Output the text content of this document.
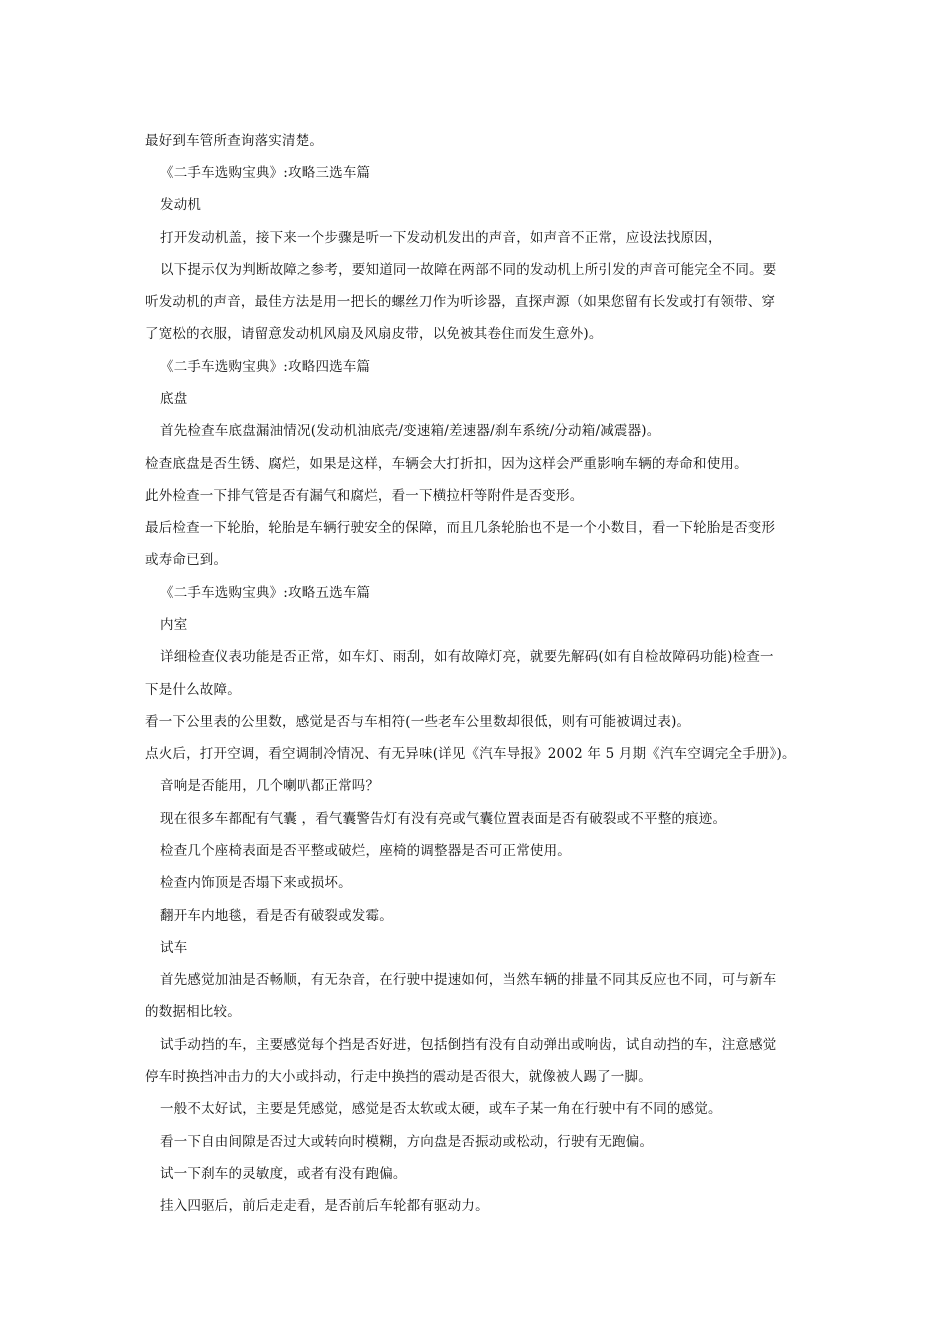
最好到车管所查询落实清楚。
《二手车选购宝典》:攻略三选车篇
发动机
打开发动机盖，接下来一个步骤是听一下发动机发出的声音，如声音不正常，应设法找原因，
以下提示仅为判断故障之参考，要知道同一故障在两部不同的发动机上所引发的声音可能完全不同。要
听发动机的声音，最佳方法是用一把长的螺丝刀作为听诊器，直探声源（如果您留有长发或打有领带、穿
了宽松的衣服，请留意发动机风扇及风扇皮带，以免被其卷住而发生意外)。
《二手车选购宝典》:攻略四选车篇
底盘
首先检查车底盘漏油情况(发动机油底壳/变速箱/差速器/刹车系统/分动箱/减震器)。
检查底盘是否生锈、腐烂，如果是这样，车辆会大打折扣，因为这样会严重影响车辆的寿命和使用。
此外检查一下排气管是否有漏气和腐烂，看一下横拉杆等附件是否变形。
最后检查一下轮胎，轮胎是车辆行驶安全的保障，而且几条轮胎也不是一个小数目，看一下轮胎是否变形
或寿命已到。
《二手车选购宝典》:攻略五选车篇
内室
详细检查仪表功能是否正常，如车灯、雨刮，如有故障灯亮，就要先解码(如有自检故障码功能)检查一
下是什么故障。
看一下公里表的公里数，感觉是否与车相符(一些老车公里数却很低，则有可能被调过表)。
点火后，打开空调，看空调制冷情况、有无异味(详见《汽车导报》2002 年 5 月期《汽车空调完全手册》)。
音响是否能用，几个喇叭都正常吗？
现在很多车都配有气囊 ，看气囊警告灯有没有亮或气囊位置表面是否有破裂或不平整的痕迹。
检查几个座椅表面是否平整或破烂，座椅的调整器是否可正常使用。
检查内饰顶是否塌下来或损坏。
翻开车内地毯，看是否有破裂或发霉。
试车
首先感觉加油是否畅顺，有无杂音，在行驶中提速如何，当然车辆的排量不同其反应也不同，可与新车
的数据相比较。
试手动挡的车，主要感觉每个挡是否好进，包括倒挡有没有自动弹出或响齿，试自动挡的车，注意感觉
停车时换挡冲击力的大小或抖动，行走中换挡的震动是否很大，就像被人踢了一脚。
一般不太好试，主要是凭感觉，感觉是否太软或太硬，或车子某一角在行驶中有不同的感觉。
看一下自由间隙是否过大或转向时模糊，方向盘是否振动或松动，行驶有无跑偏。
试一下刹车的灵敏度，或者有没有跑偏。
挂入四驱后，前后走走看，是否前后车轮都有驱动力。
